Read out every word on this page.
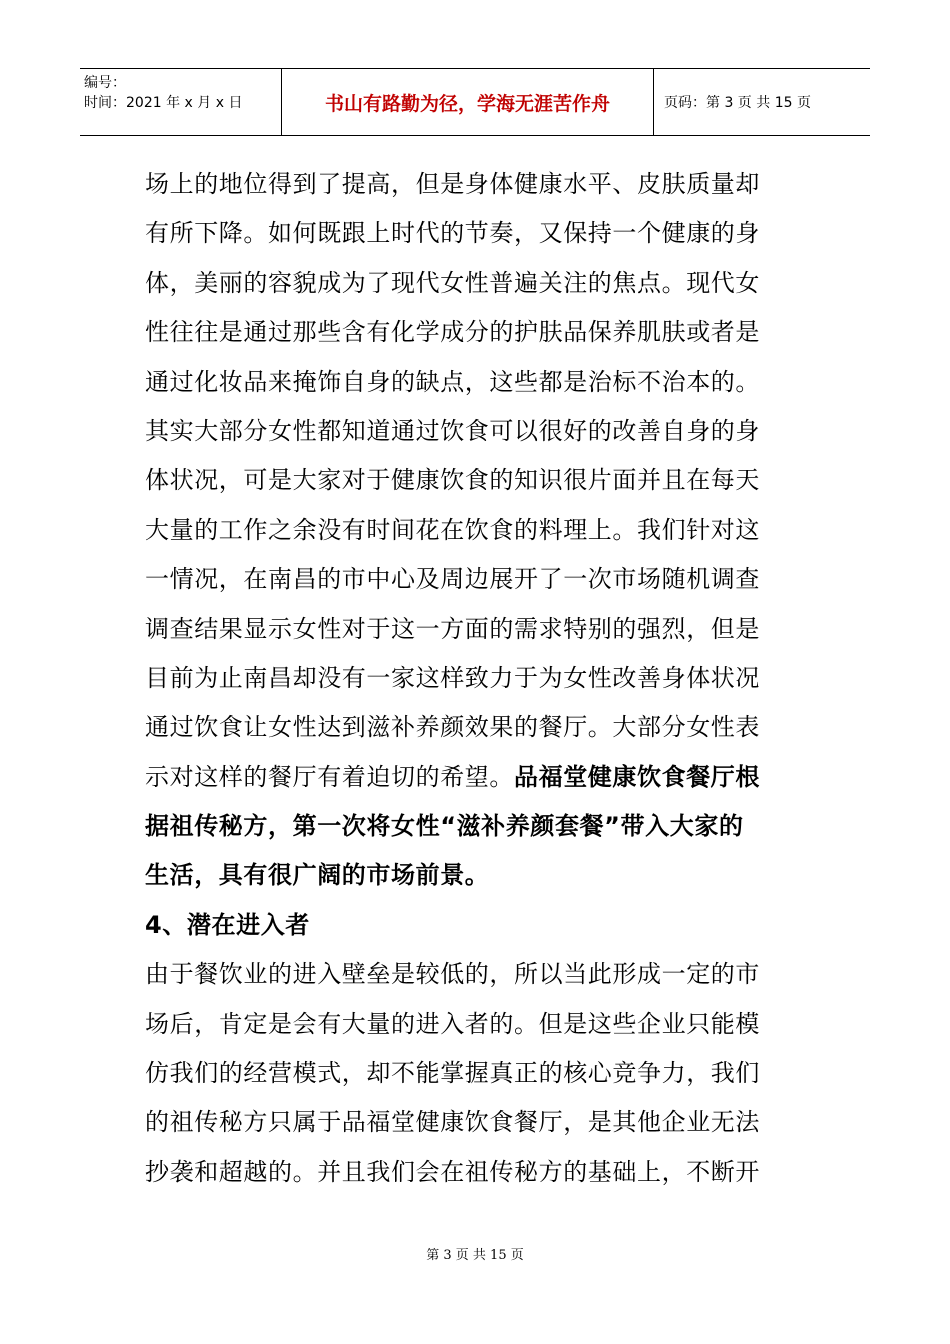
编号：
时间：2021 年 x 月 x 日	书山有路勤为径，学海无涯苦作舟	页码：第 3 页 共 15 页
场上的地位得到了提高，但是身体健康水平、皮肤质量却
有所下降。如何既跟上时代的节奏，又保持一个健康的身
体，美丽的容貌成为了现代女性普遍关注的焦点。现代女
性往往是通过那些含有化学成分的护肤品保养肌肤或者是
通过化妆品来掩饰自身的缺点，这些都是治标不治本的。
其实大部分女性都知道通过饮食可以很好的改善自身的身
体状况，可是大家对于健康饮食的知识很片面并且在每天
大量的工作之余没有时间花在饮食的料理上。我们针对这
一情况，在南昌的市中心及周边展开了一次市场随机调查
调查结果显示女性对于这一方面的需求特别的强烈，但是
目前为止南昌却没有一家这样致力于为女性改善身体状况
通过饮食让女性达到滋补养颜效果的餐厅。大部分女性表
示对这样的餐厅有着迫切的希望。品福堂健康饮食餐厅根
据祖传秘方，第一次将女性“滋补养颜套餐”带入大家的
生活，具有很广阔的市场前景。
4、潜在进入者
由于餐饮业的进入壁垒是较低的，所以当此形成一定的市
场后，肯定是会有大量的进入者的。但是这些企业只能模
仿我们的经营模式，却不能掌握真正的核心竞争力，我们
的祖传秘方只属于品福堂健康饮食餐厅，是其他企业无法
抄袭和超越的。并且我们会在祖传秘方的基础上，不断开
第 3 页 共 15 页
